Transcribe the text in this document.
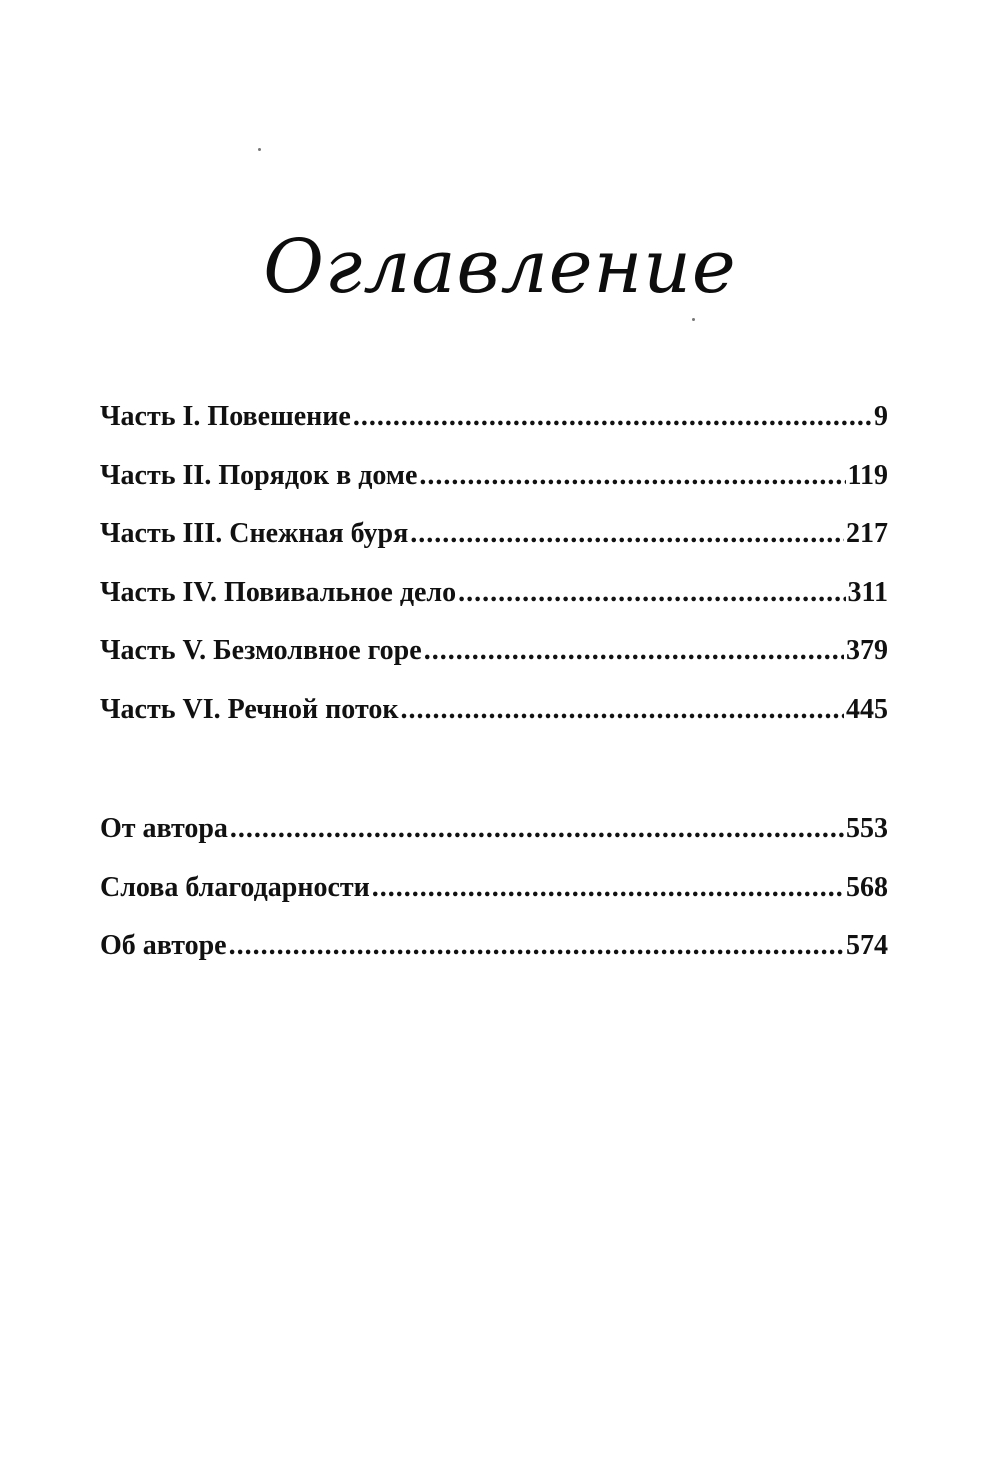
Оглавление
Часть I. Повешение .....	9
Часть II. Порядок в доме .....	119
Часть III. Снежная буря .....	217
Часть IV. Повивальное дело .....	311
Часть V. Безмолвное горе .....	379
Часть VI. Речной поток .....	445
От автора .....	553
Слова благодарности .....	568
Об авторе .....	574
